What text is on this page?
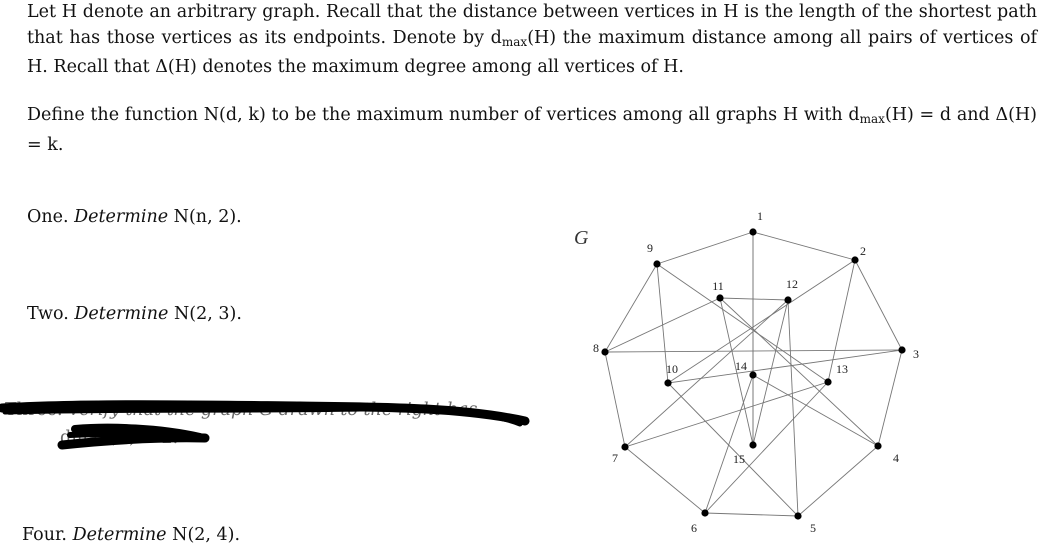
Let H denote an arbitrary graph. Recall that the distance between vertices in H is the length of the shortest path that has those vertices as its endpoints. Denote by $d_{max}(H)$ the maximum distance among all pairs of vertices of H. Recall that Δ(H) denotes the maximum degree among all vertices of H.
Define the function N(d, k) to be the maximum number of vertices among all graphs H with $d_{max}(H) = d$ and Δ(H) = k.
One. Determine N(n, 2).
Two. Determine N(2, 3).
Three. Verify that the graph G drawn to the right has
dmax(G) = 2.
Four. Determine N(2, 4).
G
1
2
3
4
5
6
7
8
9
10
11	12
13
14
15
